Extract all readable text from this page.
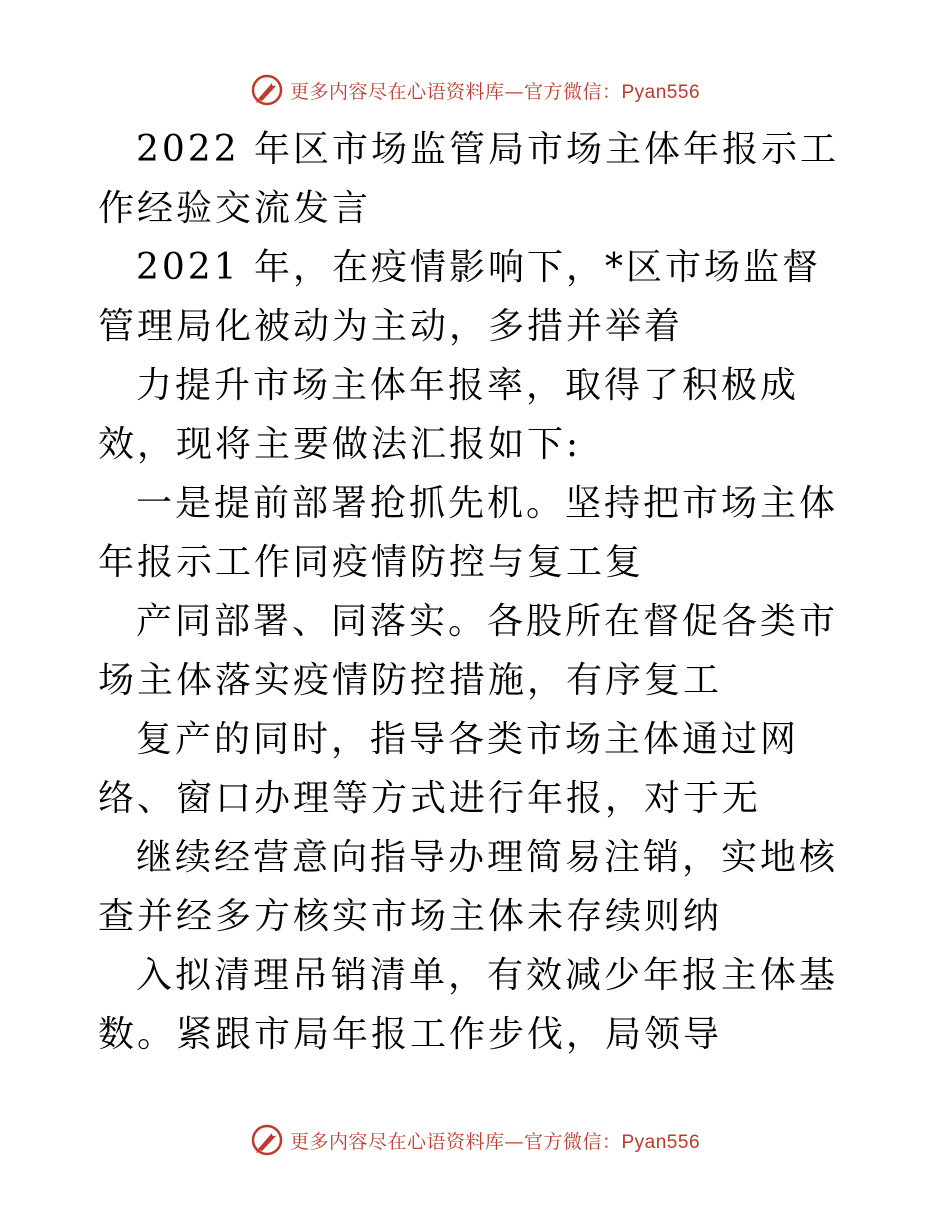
更多内容尽在心语资料库—官方微信：Pyan556

2022 年区市场监管局市场主体年报示工作经验交流发言

2021 年，在疫情影响下，*区市场监督管理局化被动为主动，多措并举着

力提升市场主体年报率，取得了积极成效，现将主要做法汇报如下:

一是提前部署抢抓先机。坚持把市场主体年报示工作同疫情防控与复工复

产同部署、同落实。各股所在督促各类市场主体落实疫情防控措施，有序复工

复产的同时，指导各类市场主体通过网络、窗口办理等方式进行年报，对于无

继续经营意向指导办理简易注销，实地核查并经多方核实市场主体未存续则纳

入拟清理吊销清单，有效减少年报主体基数。紧跟市局年报工作步伐，局领导

更多内容尽在心语资料库—官方微信：Pyan556
